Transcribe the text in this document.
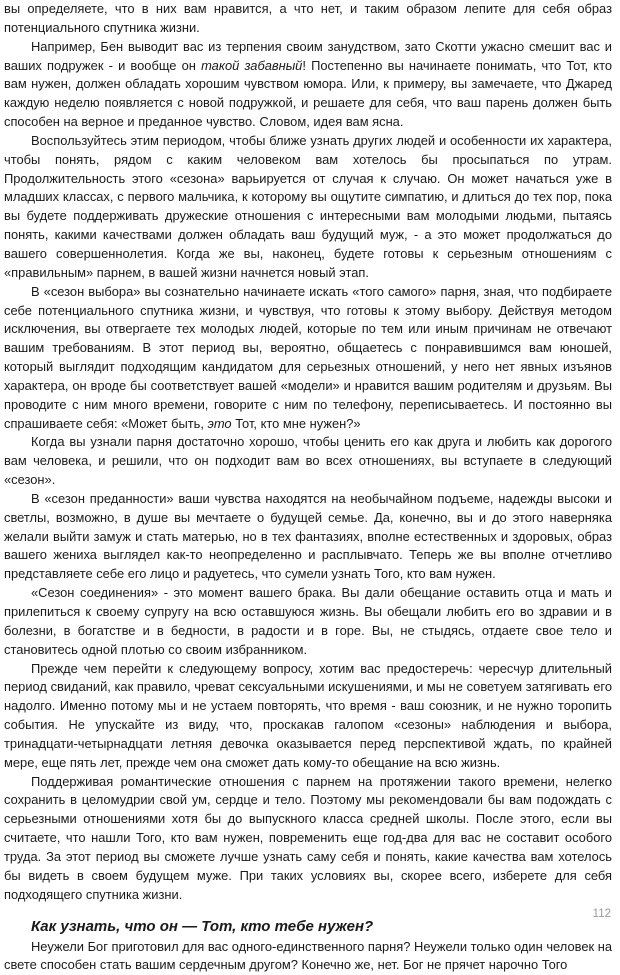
вы определяете, что в них вам нравится, а что нет, и таким образом лепите для себя образ потенциального спутника жизни.

Например, Бен выводит вас из терпения своим занудством, зато Скотти ужасно смешит вас и ваших подружек - и вообще он такой забавный! Постепенно вы начинаете понимать, что Тот, кто вам нужен, должен обладать хорошим чувством юмора. Или, к примеру, вы замечаете, что Джаред каждую неделю появляется с новой подружкой, и решаете для себя, что ваш парень должен быть способен на верное и преданное чувство. Словом, идея вам ясна.

Воспользуйтесь этим периодом, чтобы ближе узнать других людей и особенности их характера, чтобы понять, рядом с каким человеком вам хотелось бы просыпаться по утрам. Продолжительность этого «сезона» варьируется от случая к случаю. Он может начаться уже в младших классах, с первого мальчика, к которому вы ощутите симпатию, и длиться до тех пор, пока вы будете поддерживать дружеские отношения с интересными вам молодыми людьми, пытаясь понять, какими качествами должен обладать ваш будущий муж, - а это может продолжаться до вашего совершеннолетия. Когда же вы, наконец, будете готовы к серьезным отношениям с «правильным» парнем, в вашей жизни начнется новый этап.

В «сезон выбора» вы сознательно начинаете искать «того самого» парня, зная, что подбираете себе потенциального спутника жизни, и чувствуя, что готовы к этому выбору. Действуя методом исключения, вы отвергаете тех молодых людей, которые по тем или иным причинам не отвечают вашим требованиям. В этот период вы, вероятно, общаетесь с понравившимся вам юношей, который выглядит подходящим кандидатом для серьезных отношений, у него нет явных изъянов характера, он вроде бы соответствует вашей «модели» и нравится вашим родителям и друзьям. Вы проводите с ним много времени, говорите с ним по телефону, переписываетесь. И постоянно вы спрашиваете себя: «Может быть, это Тот, кто мне нужен?»

Когда вы узнали парня достаточно хорошо, чтобы ценить его как друга и любить как дорогого вам человека, и решили, что он подходит вам во всех отношениях, вы вступаете в следующий «сезон».

В «сезон преданности» ваши чувства находятся на необычайном подъеме, надежды высоки и светлы, возможно, в душе вы мечтаете о будущей семье. Да, конечно, вы и до этого наверняка желали выйти замуж и стать матерью, но в тех фантазиях, вполне естественных и здоровых, образ вашего жениха выглядел как-то неопределенно и расплывчато. Теперь же вы вполне отчетливо представляете себе его лицо и радуетесь, что сумели узнать Того, кто вам нужен.

«Сезон соединения» - это момент вашего брака. Вы дали обещание оставить отца и мать и прилепиться к своему супругу на всю оставшуюся жизнь. Вы обещали любить его во здравии и в болезни, в богатстве и в бедности, в радости и в горе. Вы, не стыдясь, отдаете свое тело и становитесь одной плотью со своим избранником.

Прежде чем перейти к следующему вопросу, хотим вас предостеречь: чересчур длительный период свиданий, как правило, чреват сексуальными искушениями, и мы не советуем затягивать его надолго. Именно потому мы и не устаем повторять, что время - ваш союзник, и не нужно торопить события. Не упускайте из виду, что, проскакав галопом «сезоны» наблюдения и выбора, тринадцати-четырнадцати летняя девочка оказывается перед перспективой ждать, по крайней мере, еще пять лет, прежде чем она сможет дать кому-то обещание на всю жизнь.

Поддерживая романтические отношения с парнем на протяжении такого времени, нелегко сохранить в целомудрии свой ум, сердце и тело. Поэтому мы рекомендовали бы вам подождать с серьезными отношениями хотя бы до выпускного класса средней школы. После этого, если вы считаете, что нашли Того, кто вам нужен, повременить еще год-два для вас не составит особого труда. За этот период вы сможете лучше узнать саму себя и понять, какие качества вам хотелось бы видеть в своем будущем муже. При таких условиях вы, скорее всего, изберете для себя подходящего спутника жизни.

Как узнать, что он — Тот, кто тебе нужен?

Неужели Бог приготовил для вас одного-единственного парня? Неужели только один человек на свете способен стать вашим сердечным другом? Конечно же, нет. Бог не прячет нарочно Того

112
